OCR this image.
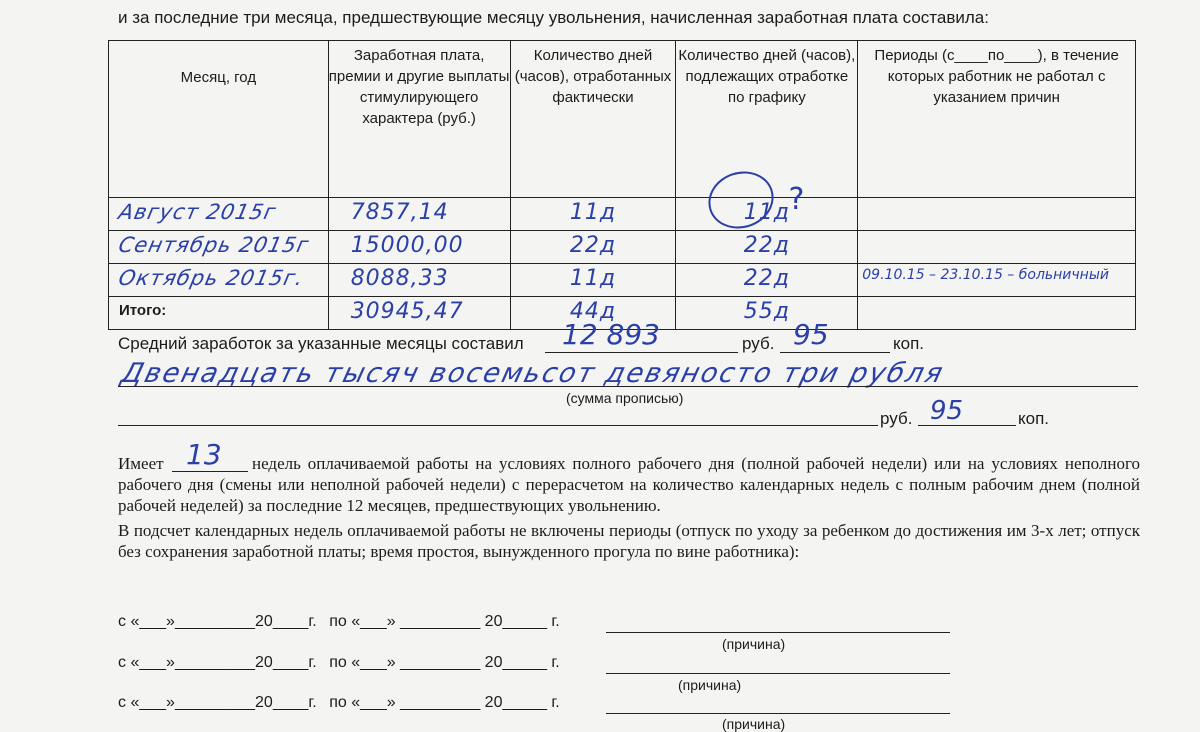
и за последние три месяца, предшествующие месяцу увольнения, начисленная заработная плата составила:
Месяц, год	Заработная плата, премии и другие выплаты стимулирующего характера (руб.)	Количество дней (часов), отработанных фактически	Количество дней (часов), подлежащих отработке по графику	Периоды (с____по____), в течение которых работник не работал с указанием причин

Август 2015г	7857,14	11д	11д
?	

Сентябрь 2015г	15000,00	22д	22д	

Октябрь 2015г.	8088,33	11д	22д	09.10.15 – 23.10.15 – больничный

Итого:	30945,47	44д	55д	

Средний заработок за указанные месяцы составил 12 893	руб. 95	коп.
Двенадцать тысяч восемьсот девяносто три рубля
(сумма прописью)
руб. 95	коп.
Имеет 13	недель оплачиваемой работы на условиях полного рабочего дня (полной рабочей недели) или на условиях неполного рабочего дня (смены или неполной рабочей недели) с перерасчетом на количество календарных недель с полным рабочим днем (полной рабочей неделей) за последние 12 месяцев, предшествующих увольнению.
В подсчет календарных недель оплачиваемой работы не включены периоды (отпуск по уходу за ребенком до достижения им 3-х лет; отпуск без сохранения заработной платы; время простоя, вынужденного прогула по вине работника):
с «___»_________20____г. по «___» _________ 20_____ г.
(причина)
с «___»_________20____г. по «___» _________ 20_____ г.
(причина)
с «___»_________20____г. по «___» _________ 20_____ г.
(причина)
